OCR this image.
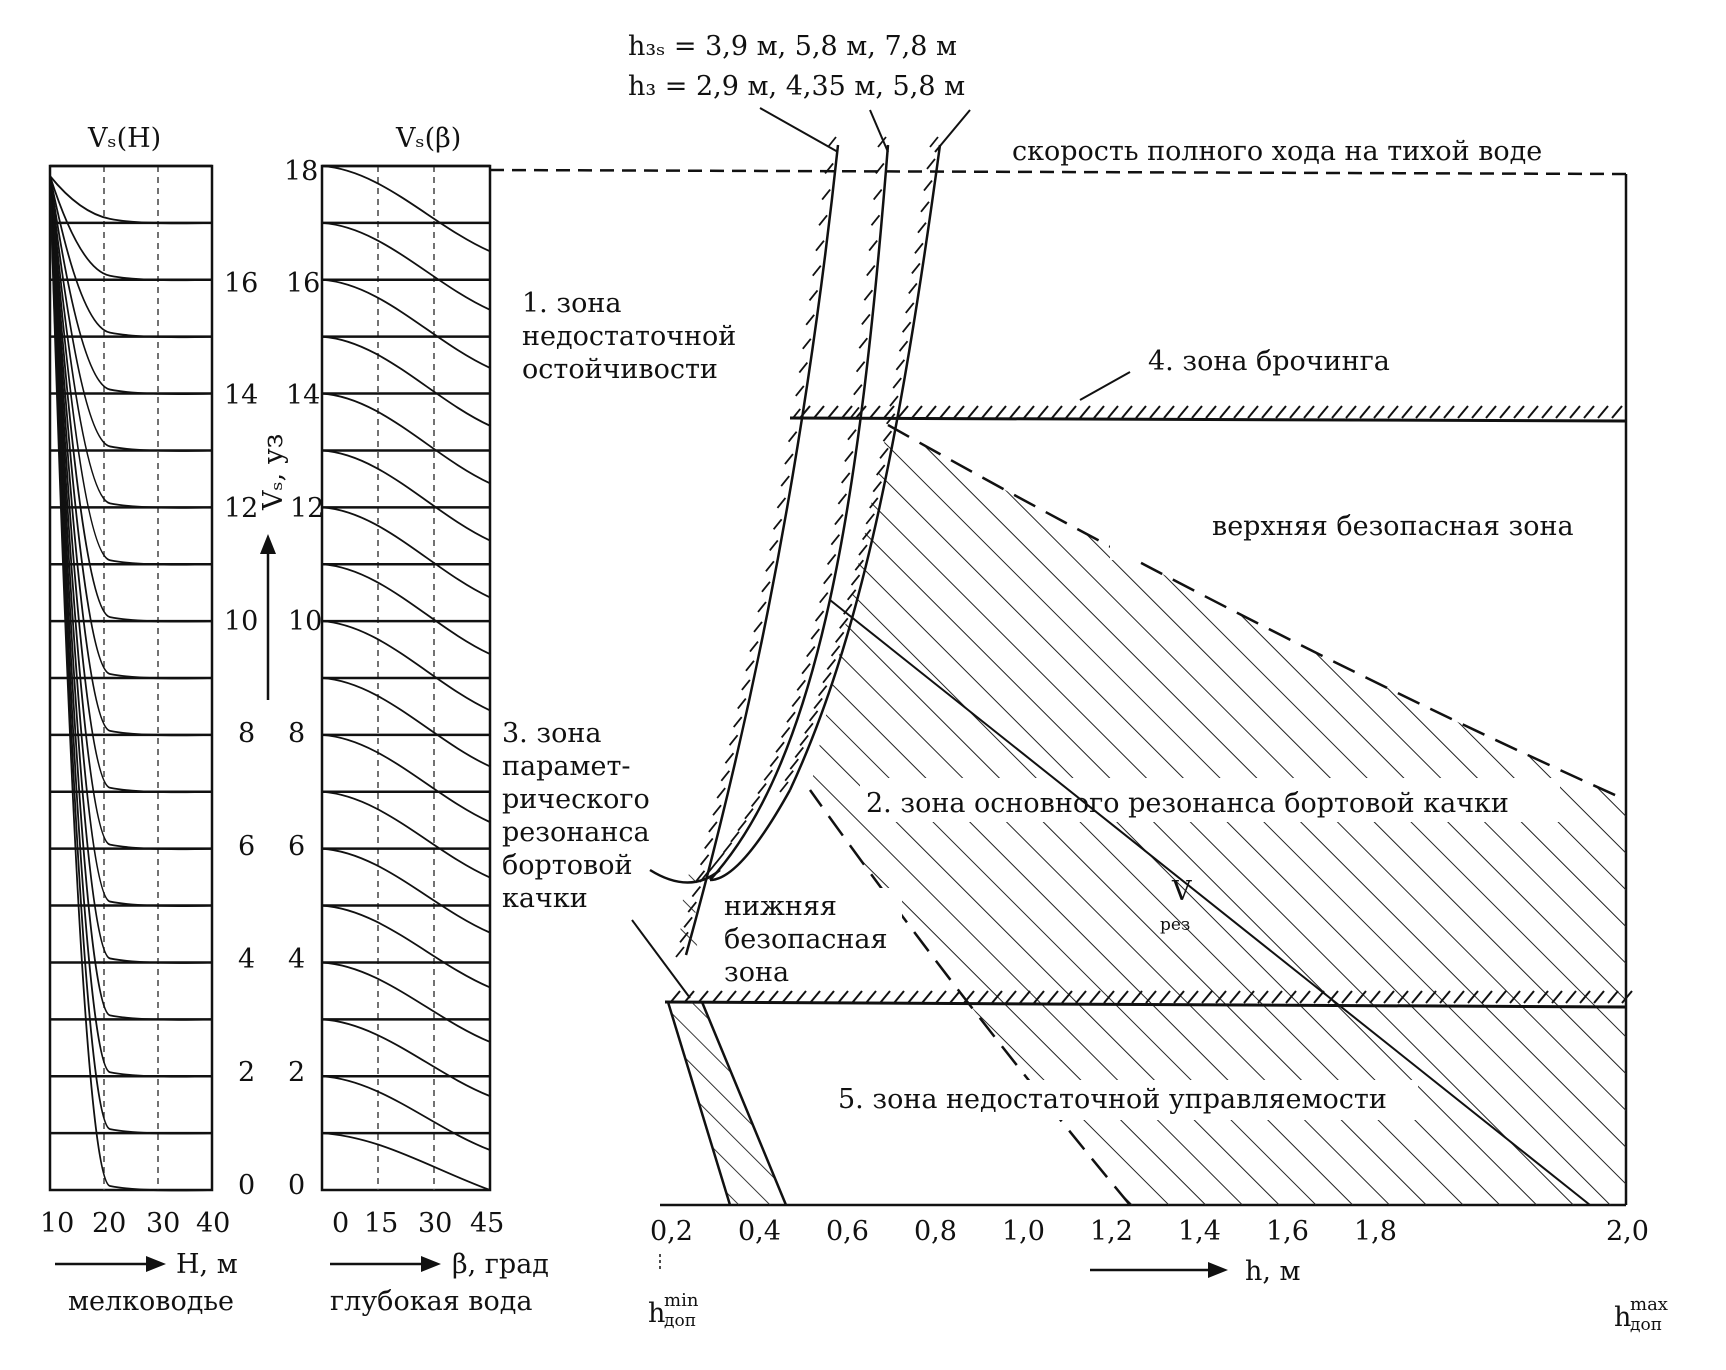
Vₛ(H)
10 20 30 40
H, м
мелководье
16
14
12
10
8
6
4
2
0
Vₛ, уз
Vₛ(β)
18
16
14
12
10
8
6
4
2
0
0 15 30 45
β, град
глубокая вода
0,2 0,4 0,6 0,8 1,0 1,2 1,4 1,6 1,8	2,0
h, м
h
min
доп	h
max
доп
h₃ₛ = 3,9 м, 5,8 м, 7,8 м
h₃ = 2,9 м, 4,35 м, 5,8 м
скорость полного хода на тихой воде
1. зона
недостаточной
остойчивости	4. зона брочинга
верхняя безопасная зона
2. зона основного резонанса бортовой качки
3. зона
парамет-
рического
резонанса
бортовой
качки	нижняя
безопасная
зона
5. зона недостаточной управляемости
V
рез
